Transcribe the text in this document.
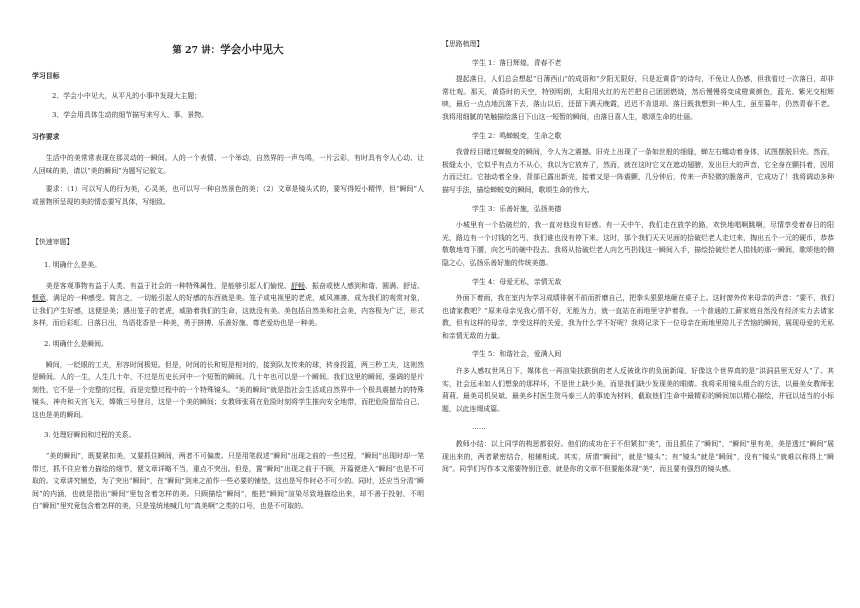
第 27 讲：学会小中见大
学习目标
2、学会小中见大，从平凡的小事中发现大主题；
3、学会用具体生动的细节描写来写人、事、景物。
习作要求

生活中的美常常表现在那灵动的一瞬间。人的一个表情、一个举动，自然界的一声鸟鸣，一片云彩，有时具有令人心动、让人回味的美，请以“美的瞬间”为题写记叙文。

要求：（1）可以写人的行为美，心灵美，也可以写一种自然景色的美；（2）文章是镜头式的，要写得短小精悍，但“瞬间”人或景物所呈现的美的情态要写具体，写细致。

【快速审题】
1. 明确什么是美。

美是客观事物有益于人类、有益于社会的一种特殊属性，是能够引起人们愉悦、舒畅、振奋或使人感到和谐、圆满、舒适、惬意、满足的一种感受。简言之，一切能引起人的好感的东西就是美。笼子或电视里的老虎，威风凛凛，成为我们的观赏对象，让我们产生好感，这便是美；遇出笼子的老虎，威胁着我们的生命，这就没有美。美包括自然美和社会美，内容极为广泛，形式多样，而后彩虹、日落日出，鸟语花香是一种美，勇于拼搏、乐善好施、尊老爱幼也是一种美。

2. 明确什么是瞬间。

瞬间，一眨眼的工夫，形容时间极短。但是，时间的长和短是相对的，接到队友传来的球，转身投篮，两三秒工夫，这则然是瞬间。人的一生，人生几十年，不过是历史长河中一个短暂的瞬间。几十年也可以是一个瞬间。我们这里的瞬间，强调的是片刻性，它不是一个完整的过程，而是完整过程中的一个特殊镜头。“美的瞬间”就是指社会生活或自然界中一个极具震撼力的特殊镜头，神舟和天宫飞天，嫦娥三号登月，这是一个美的瞬间；女教师张莉在危险时刻将学生推向安全地带，而把危险留给自己，这也是美的瞬间。

3. 处理好瞬间和过程的关系。

“美的瞬间”，既要紧扣美，又要抓住瞬间，两者不可偏废。只是用笔叙述“瞬间”出现之前的一些过程，“瞬间”出现时却一笔带过，抓不住应着力描绘的细节，便文章详略不当，重点不突出。但是，置“瞬间”出现之前于不顾，开篇便进入“瞬间”也是不可取的。文章讲究铺垫，为了突出“瞬间”，在“瞬间”到来之前作一些必要的铺垫，这也是写作时必不可少的。同时，还应当分清“瞬间”的内涵，也就是指出“瞬间”里包含着怎样的美。只顾描绘“瞬间”，能把“瞬间”渲染尽致地描绘出来，却不善于投射，不明白“瞬间”里究竟包含着怎样的美，只是笼统地喊几句“真美啊”之类的口号，也是不可取的。

【思路梳理】
学生 1：落日辉煌，青春不老

提起落日，人们总会想起“日薄西山”的成语和“夕阳无限好，只是近黄昏”的诗句，不免让人伤感，但我看过一次落日，却非常壮观。那天，黄昏时的天空，特别明朗，太阳用火红的光芒把自己团团燃烧，然后慢慢将变成橙黄颜色，蓝光、紫光交相辉映，最后一点点地沉落下去，落山以后，还留下满天晚霞，迟迟不肯退却。落日既我想到一种人生，虽至暮年，仍然青春不老。我将用细腻的笔触描绘落日下山这一短暂的瞬间，由落日喜人生，歌颂生命的壮丽。

学生 2：鸣蝉蜕变，生命之歌

我曾经目睹过蝉蜕变的瞬间，令人为之震撼。旧壳上出现了一条如丝般的细缝，蝉左右蠕动着身体，试图摆脱旧壳。然而，极缝太小，它似乎有点力不从心，我以为它放弃了，然而，就在这时它又在遮动翅膀，发出巨大的声音，它全身在颤抖着，因用力而泛红。它抽动着全身，背部已露出新壳，接着又是一阵震颤，几分钟后，传来一声轻微的脆落声，它成功了！我将调动多种描写手法，描绘蝉蜕变的瞬间，歌颂生命的伟大。

学生 3：乐善好施，弘扬美德

小城里有一个拾破烂的，我一直对他没有好感。有一天中午，我们走在放学的路，欢快地唱啊跳啊，尽情享受着春日的阳光，路边有一个讨钱的乞丐，我们谁也没有停下来。这时，那个我们天天见面的拾破烂老人走过来，掏出五个一元的硬币，恭恭敬敬地弯下腰，向乞丐的碗中投去。我将从拾破烂老人向乞丐扔钱这一瞬间入手，描绘拾破烂老人捐钱的那一瞬间，歌颂他的侧隐之心，弘扬乐善好施的传统美德。

学生 4：母爱无私，亲情无敌

外面下着雨，我在室内为学习成绩徘徊不前而折磨自己，把拳头狠狠地砸在桌子上。这时窗外传来母亲的声音：“要不，我们也请家教吧？”原来母亲见我心情不好，无能为力，就一直站在雨地里守护着我。一个普通的工薪家庭自然没有经济实力去请家教，但有这样的母亲，享受这样的关爱，我为什么学不好呢？我将记录下一位母亲在雨地里陪儿子苦恼的瞬间，展现母爱的无私和亲情无敌的力量。

学生 5：和谐社会，爱满人间

许多人感叹世风日下，媒体也一再渲染扶跌倒的老人反被讹诈的负面新闻，好像这个世界真的是“洪洞县里无好人”了。其实，社会远未如人们想象的那样坏，不是世上缺少美，而是我们缺少发现美的眼睛。我将采用镜头组合的方法，以最美女教师张莉莉、最美司机吴斌、最美乡村医生贺马泰三人的事迹为材料，截取他们生命中最精彩的瞬间加以精心描绘，并冠以适当的小标题，以此连缀成篇。

……

教师小结：以上同学的构思都很好。他们的成功在于不但紧扣“美”，而且抓住了“瞬间”，“瞬间”里有美，美是透过“瞬间”展现出来的，两者紧密结合，相辅相成。其实，所谓“瞬间”，就是“镜头”；有“镜头”就是“瞬间”，没有“镜头”就难以称得上“瞬间”。同学们写作本文需要特别注意，就是你的文章不但要能体现“美”，而且要有强烈的镜头感。
